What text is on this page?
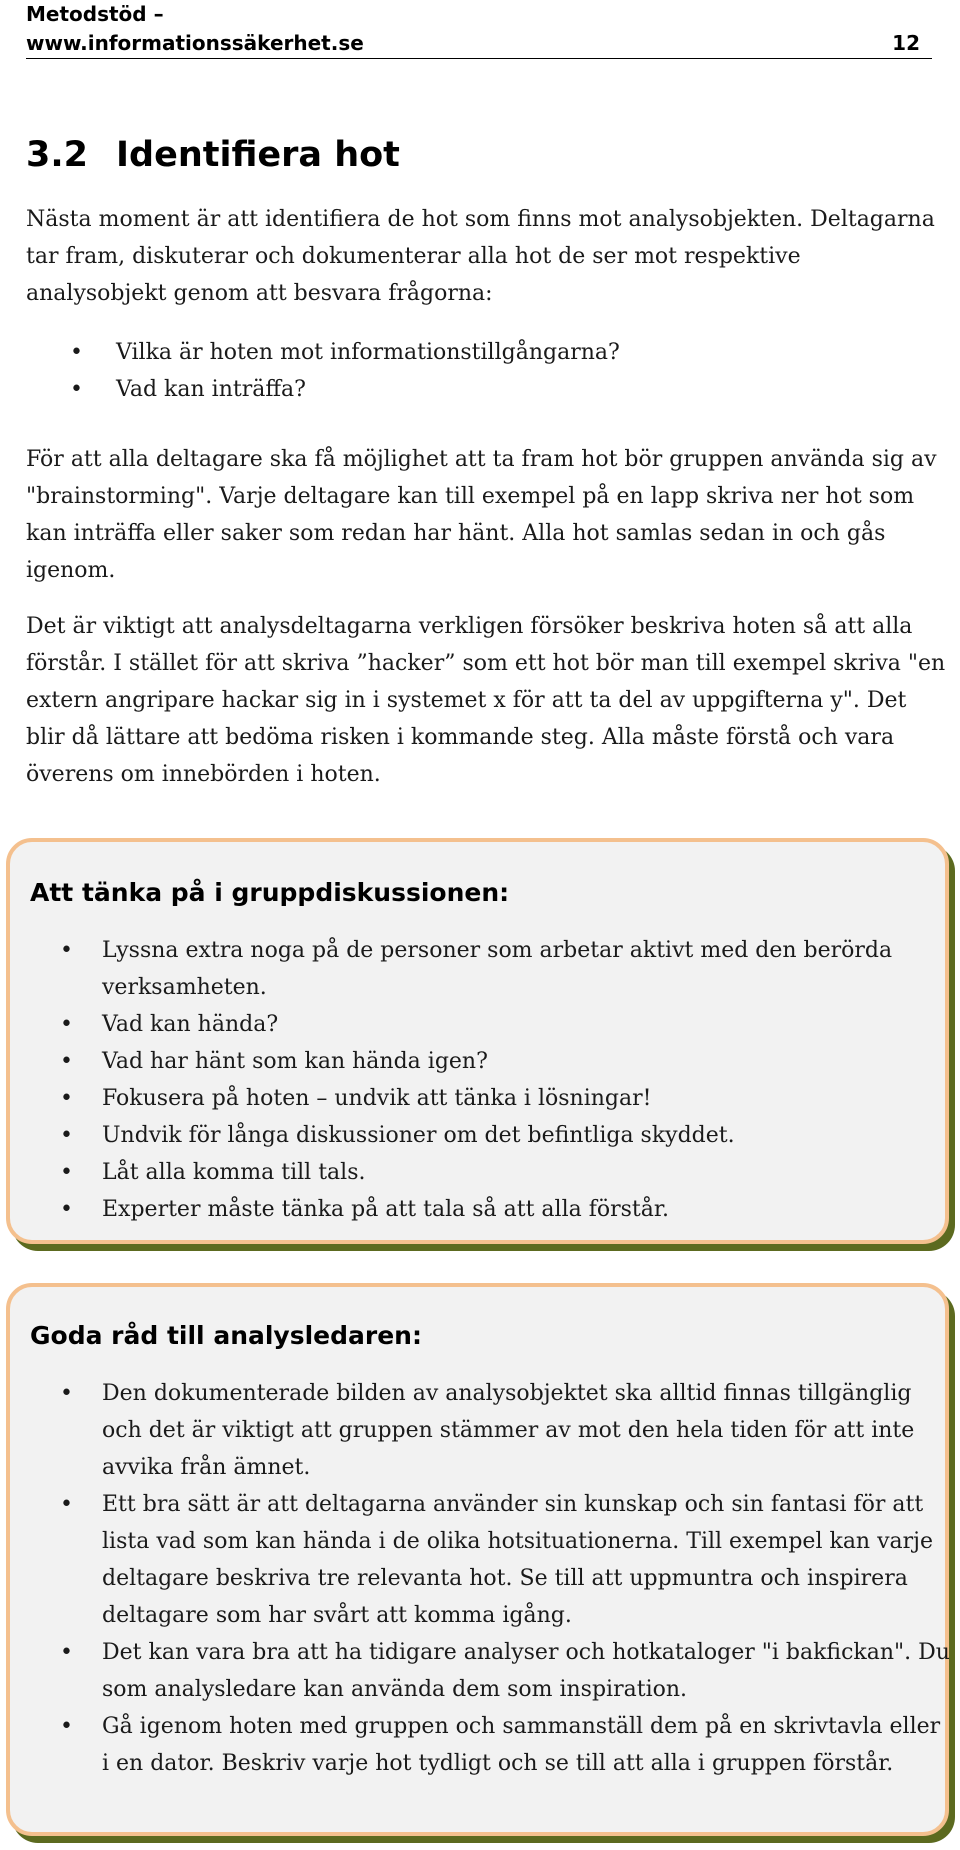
Metodstöd –
www.informationssäkerhet.se	12
3.2 Identifiera hot

Nästa moment är att identifiera de hot som finns mot analysobjekten. Deltagarna tar fram, diskuterar och dokumenterar alla hot de ser mot respektive analysobjekt genom att besvara frågorna:

• Vilka är hoten mot informationstillgångarna?
• Vad kan inträffa?

För att alla deltagare ska få möjlighet att ta fram hot bör gruppen använda sig av "brainstorming". Varje deltagare kan till exempel på en lapp skriva ner hot som kan inträffa eller saker som redan har hänt. Alla hot samlas sedan in och gås igenom.

Det är viktigt att analysdeltagarna verkligen försöker beskriva hoten så att alla förstår. I stället för att skriva ”hacker” som ett hot bör man till exempel skriva "en extern angripare hackar sig in i systemet x för att ta del av uppgifterna y". Det blir då lättare att bedöma risken i kommande steg. Alla måste förstå och vara överens om innebörden i hoten.

Att tänka på i gruppdiskussionen:
• Lyssna extra noga på de personer som arbetar aktivt med den berörda verksamheten.
• Vad kan hända?
• Vad har hänt som kan hända igen?
• Fokusera på hoten – undvik att tänka i lösningar!
• Undvik för långa diskussioner om det befintliga skyddet.
• Låt alla komma till tals.
• Experter måste tänka på att tala så att alla förstår.
Goda råd till analysledaren:
• Den dokumenterade bilden av analysobjektet ska alltid finnas tillgänglig och det är viktigt att gruppen stämmer av mot den hela tiden för att inte avvika från ämnet.
• Ett bra sätt är att deltagarna använder sin kunskap och sin fantasi för att lista vad som kan hända i de olika hotsituationerna. Till exempel kan varje deltagare beskriva tre relevanta hot. Se till att uppmuntra och inspirera deltagare som har svårt att komma igång.
• Det kan vara bra att ha tidigare analyser och hotkataloger "i bakfickan". Du som analysledare kan använda dem som inspiration.
• Gå igenom hoten med gruppen och sammanställ dem på en skrivtavla eller i en dator. Beskriv varje hot tydligt och se till att alla i gruppen förstår.
